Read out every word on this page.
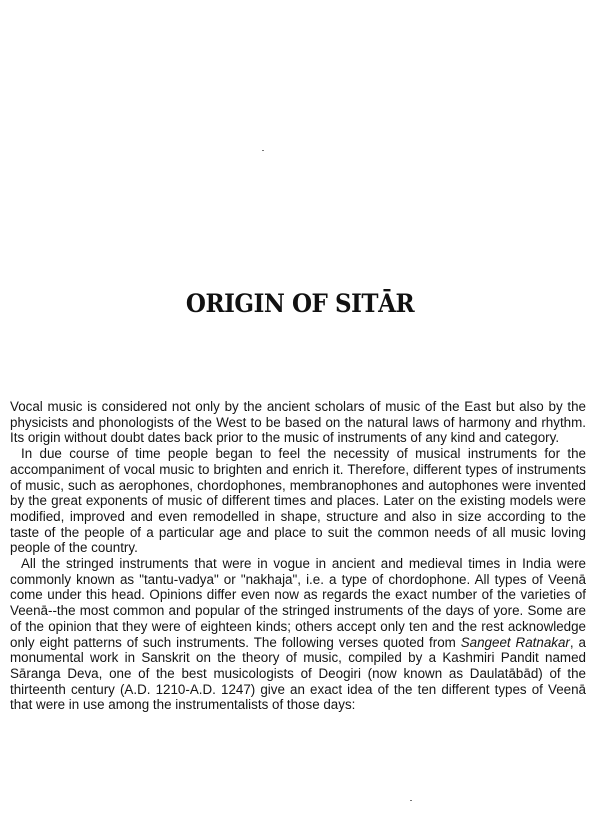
ORIGIN OF SITĀR

Vocal music is considered not only by the ancient scholars of music of the East but also by the physicists and phonologists of the West to be based on the natural laws of harmony and rhythm. Its origin without doubt dates back prior to the music of instruments of any kind and category.

In due course of time people began to feel the necessity of musical instruments for the accompaniment of vocal music to brighten and enrich it. Therefore, different types of instruments of music, such as aerophones, chordophones, membranophones and autophones were invented by the great exponents of music of different times and places. Later on the existing models were modified, improved and even remodelled in shape, structure and also in size according to the taste of the people of a particular age and place to suit the common needs of all music loving people of the country.

All the stringed instruments that were in vogue in ancient and medieval times in India were commonly known as "tantu-vadya" or "nakhaja", i.e. a type of chordophone. All types of Veenā come under this head. Opinions differ even now as regards the exact number of the varieties of Veenā--the most common and popular of the stringed instruments of the days of yore. Some are of the opinion that they were of eighteen kinds; others accept only ten and the rest acknowledge only eight patterns of such instruments. The following verses quoted from Sangeet Ratnakar, a monumental work in Sanskrit on the theory of music, compiled by a Kashmiri Pandit named Sāranga Deva, one of the best musicologists of Deogiri (now known as Daulatābād) of the thirteenth century (A.D. 1210-A.D. 1247) give an exact idea of the ten different types of Veenā that were in use among the instrumentalists of those days:
